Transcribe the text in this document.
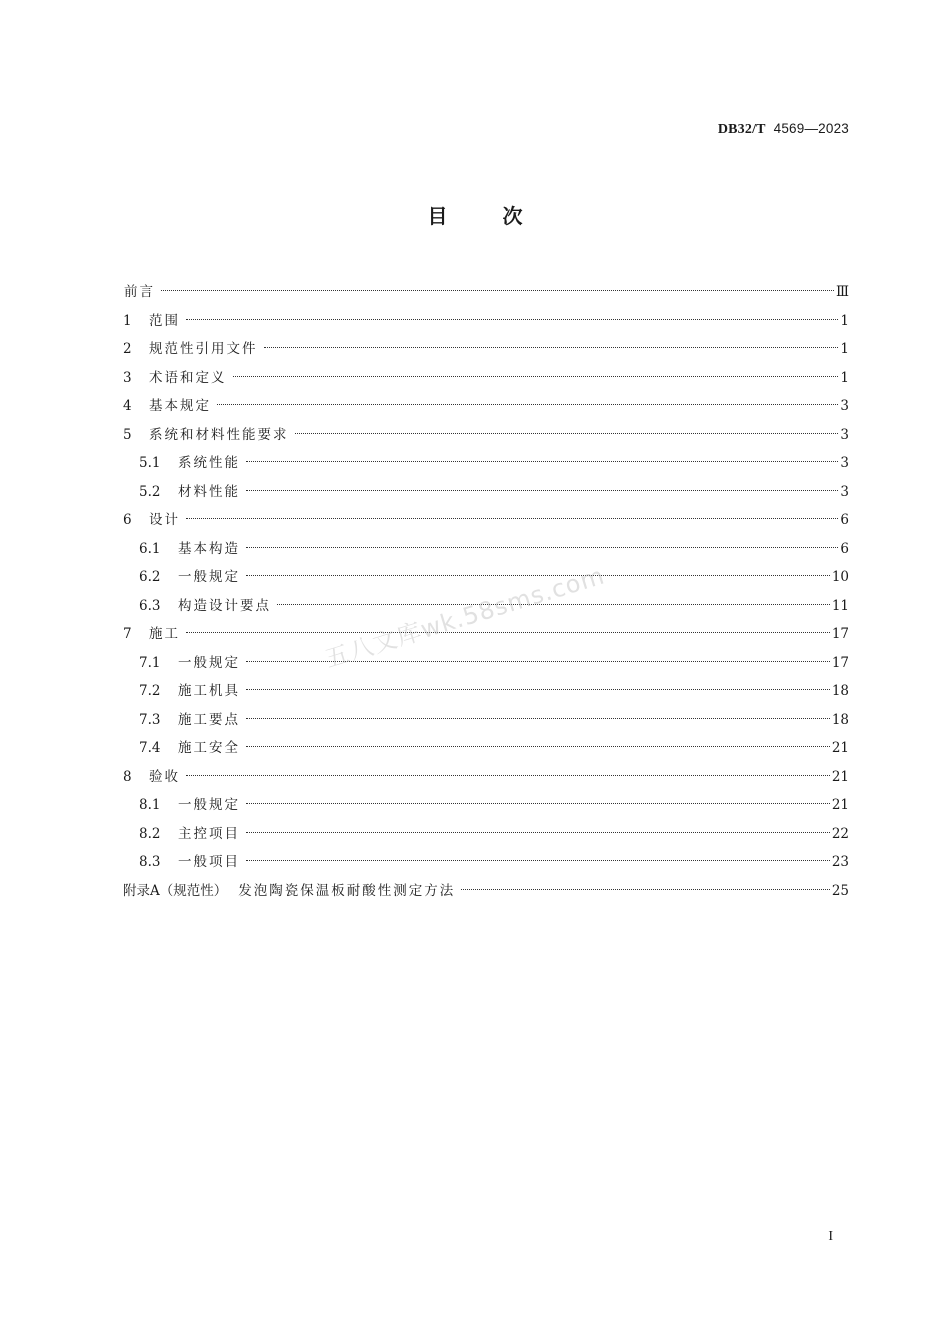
DB32/T 4569—2023
目	次
前言	Ⅲ
1	范围	1
2	规范性引用文件	1
3	术语和定义	1
4	基本规定	3
5	系统和材料性能要求	3
5.1	系统性能	3
5.2	材料性能	3
6	设计	6
6.1	基本构造	6
6.2	一般规定	10
6.3	构造设计要点	11
7	施工	17
7.1	一般规定	17
7.2	施工机具	18
7.3	施工要点	18
7.4	施工安全	21
8	验收	21
8.1	一般规定	21
8.2	主控项目	22
8.3	一般项目	23
附录A（规范性） 发泡陶瓷保温板耐酸性测定方法	25
五八文库wk.58sms.com
I
